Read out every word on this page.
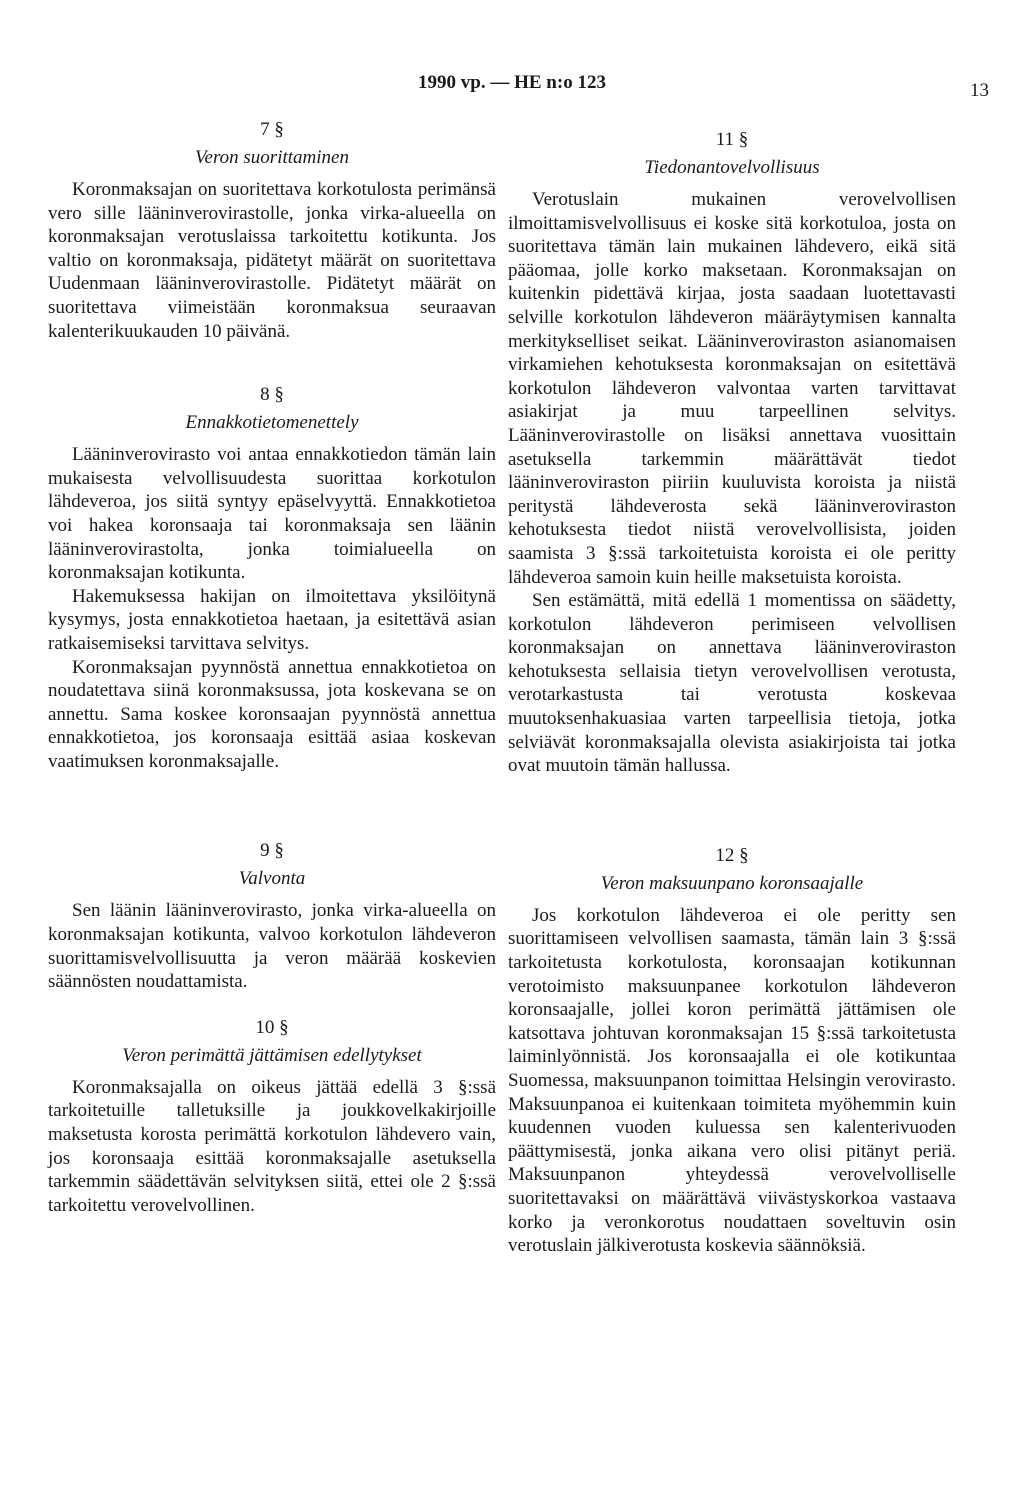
1990 vp. — HE n:o 123	13
7 §
Veron suorittaminen

Koronmaksajan on suoritettava korkotulosta perimänsä vero sille lääninverovirastolle, jonka virka-alueella on koronmaksajan verotuslaissa tarkoitettu kotikunta. Jos valtio on koronmaksaja, pidätetyt määrät on suoritettava Uudenmaan lääninverovirastolle. Pidätetyt määrät on suoritettava viimeistään koronmaksua seuraavan kalenterikuukauden 10 päivänä.

8 §
Ennakkotietomenettely

Lääninverovirasto voi antaa ennakkotiedon tämän lain mukaisesta velvollisuudesta suorittaa korkotulon lähdeveroa, jos siitä syntyy epäselvyyttä. Ennakkotietoa voi hakea koronsaaja tai koronmaksaja sen läänin lääninverovirastolta, jonka toimialueella on koronmaksajan kotikunta.

Hakemuksessa hakijan on ilmoitettava yksilöitynä kysymys, josta ennakkotietoa haetaan, ja esitettävä asian ratkaisemiseksi tarvittava selvitys.

Koronmaksajan pyynnöstä annettua ennakkotietoa on noudatettava siinä koronmaksussa, jota koskevana se on annettu. Sama koskee koronsaajan pyynnöstä annettua ennakkotietoa, jos koronsaaja esittää asiaa koskevan vaatimuksen koronmaksajalle.

9 §
Valvonta

Sen läänin lääninverovirasto, jonka virka-alueella on koronmaksajan kotikunta, valvoo korkotulon lähdeveron suorittamisvelvollisuutta ja veron määrää koskevien säännösten noudattamista.

10 §
Veron perimättä jättämisen edellytykset

Koronmaksajalla on oikeus jättää edellä 3 §:ssä tarkoitetuille talletuksille ja joukkovelkakirjoille maksetusta korosta perimättä korkotulon lähdevero vain, jos koronsaaja esittää koronmaksajalle asetuksella tarkemmin säädettävän selvityksen siitä, ettei ole 2 §:ssä tarkoitettu verovelvollinen.

11 §
Tiedonantovelvollisuus

Verotuslain mukainen verovelvollisen ilmoittamisvelvollisuus ei koske sitä korkotuloa, josta on suoritettava tämän lain mukainen lähdevero, eikä sitä pääomaa, jolle korko maksetaan. Koronmaksajan on kuitenkin pidettävä kirjaa, josta saadaan luotettavasti selville korkotulon lähdeveron määräytymisen kannalta merkitykselliset seikat. Lääninveroviraston asianomaisen virkamiehen kehotuksesta koronmaksajan on esitettävä korkotulon lähdeveron valvontaa varten tarvittavat asiakirjat ja muu tarpeellinen selvitys. Lääninverovirastolle on lisäksi annettava vuosittain asetuksella tarkemmin määrättävät tiedot lääninveroviraston piiriin kuuluvista koroista ja niistä peritystä lähdeverosta sekä lääninveroviraston kehotuksesta tiedot niistä verovelvollisista, joiden saamista 3 §:ssä tarkoitetuista koroista ei ole peritty lähdeveroa samoin kuin heille maksetuista koroista.

Sen estämättä, mitä edellä 1 momentissa on säädetty, korkotulon lähdeveron perimiseen velvollisen koronmaksajan on annettava lääninveroviraston kehotuksesta sellaisia tietyn verovelvollisen verotusta, verotarkastusta tai verotusta koskevaa muutoksenhakuasiaa varten tarpeellisia tietoja, jotka selviävät koronmaksajalla olevista asiakirjoista tai jotka ovat muutoin tämän hallussa.

12 §
Veron maksuunpano koronsaajalle

Jos korkotulon lähdeveroa ei ole peritty sen suorittamiseen velvollisen saamasta, tämän lain 3 §:ssä tarkoitetusta korkotulosta, koronsaajan kotikunnan verotoimisto maksuunpanee korkotulon lähdeveron koronsaajalle, jollei koron perimättä jättämisen ole katsottava johtuvan koronmaksajan 15 §:ssä tarkoitetusta laiminlyönnistä. Jos koronsaajalla ei ole kotikuntaa Suomessa, maksuunpanon toimittaa Helsingin verovirasto. Maksuunpanoa ei kuitenkaan toimiteta myöhemmin kuin kuudennen vuoden kuluessa sen kalenterivuoden päättymisestä, jonka aikana vero olisi pitänyt periä. Maksuunpanon yhteydessä verovelvolliselle suoritettavaksi on määrättävä viivästyskorkoa vastaava korko ja veronkorotus noudattaen soveltuvin osin verotuslain jälkiverotusta koskevia säännöksiä.
